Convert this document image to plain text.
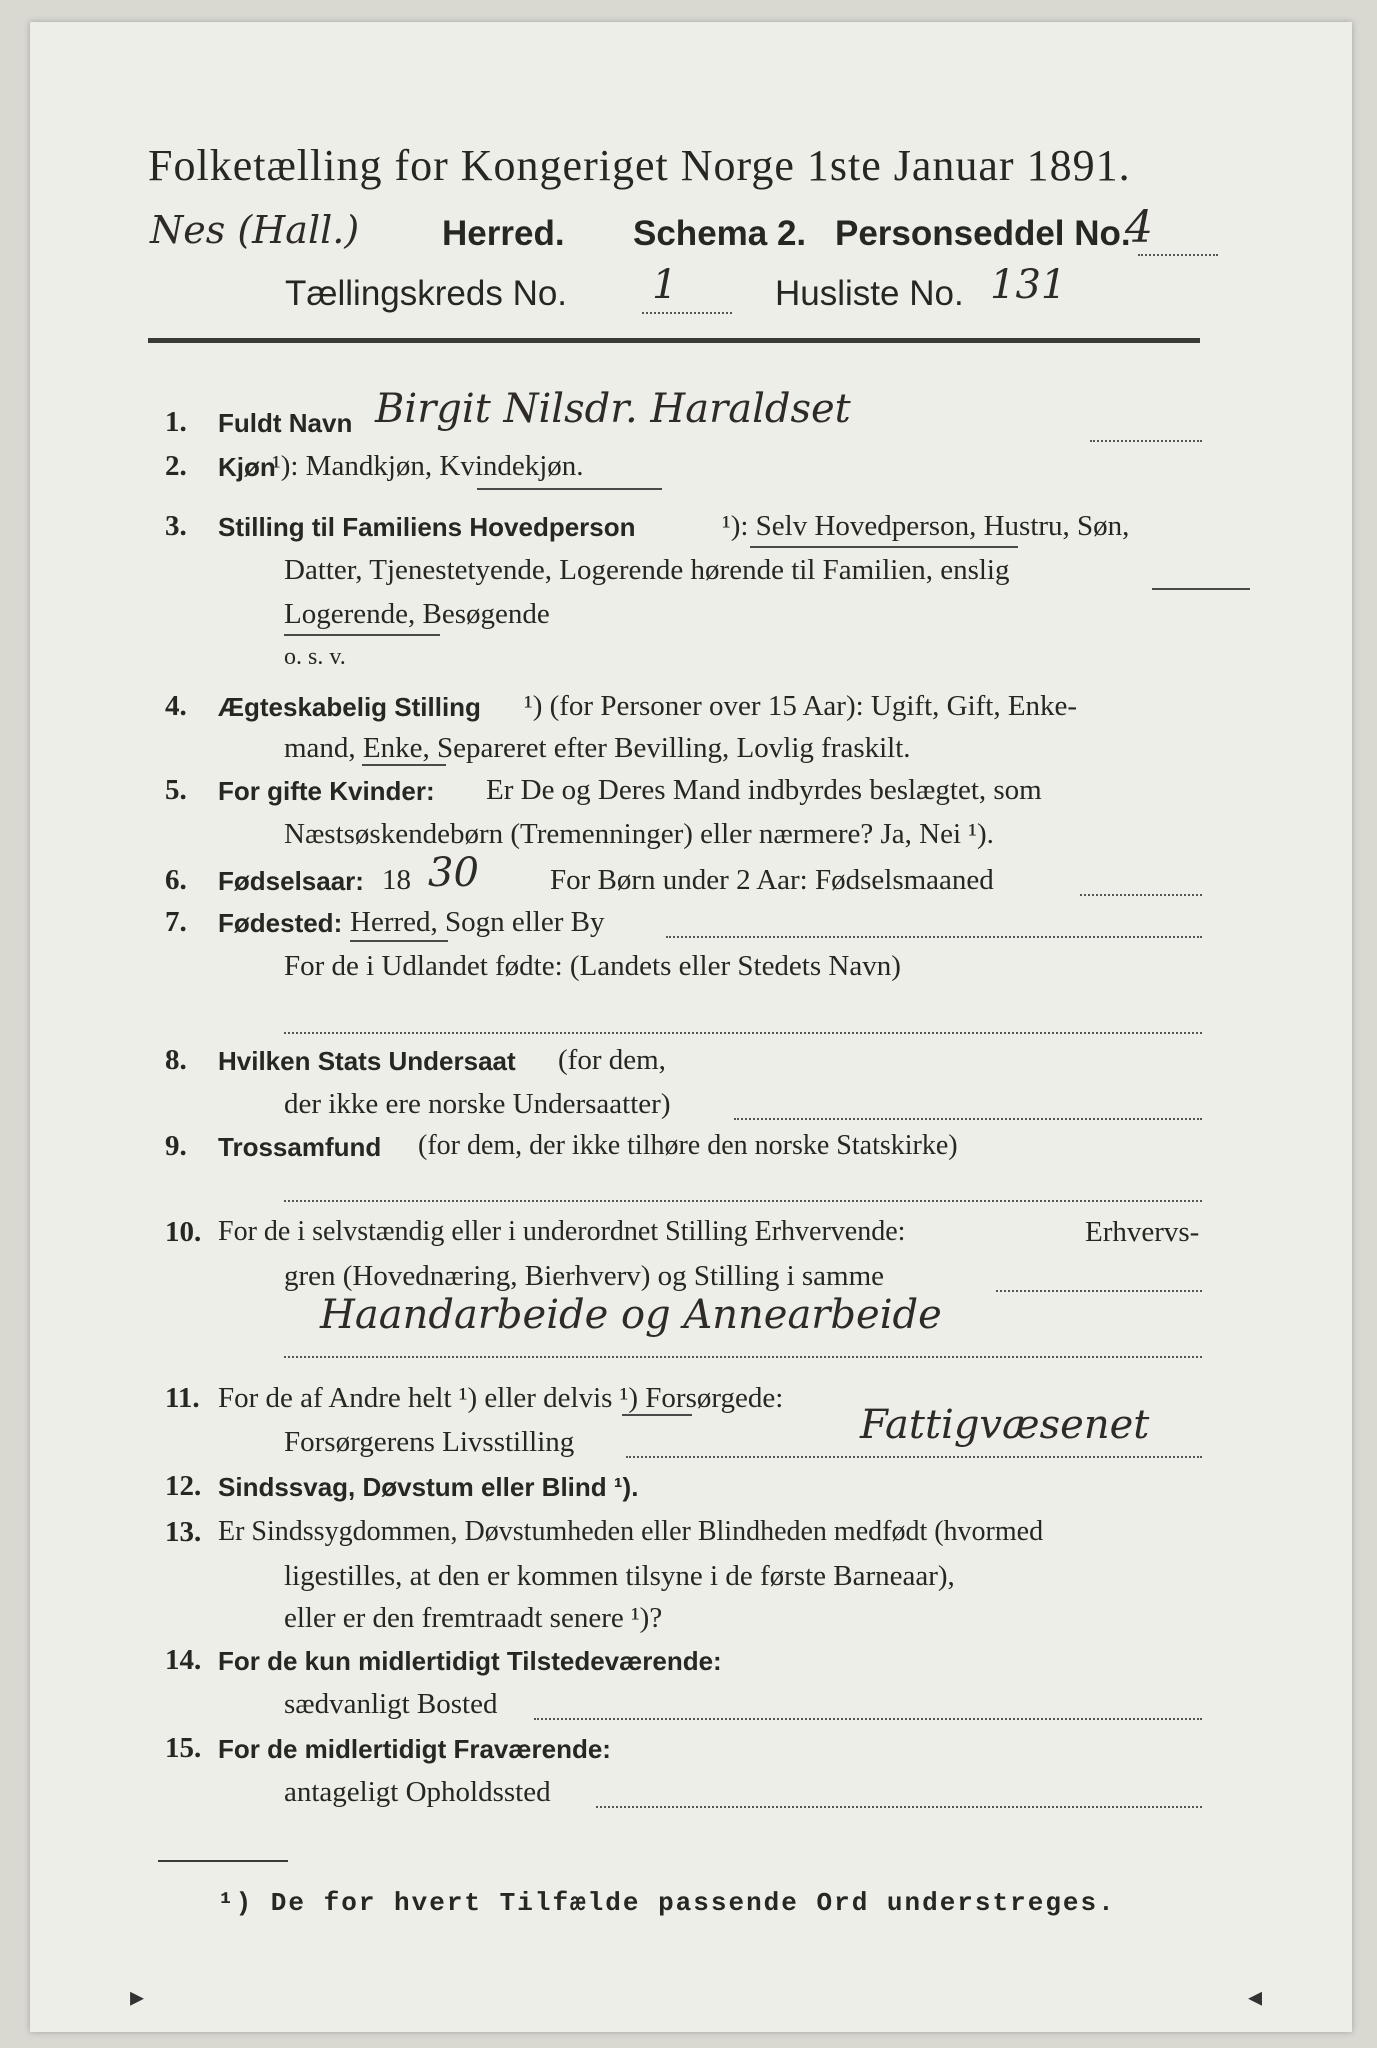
Folketælling for Kongeriget Norge 1ste Januar 1891.
Nes (Hall.) Herred. Schema 2. Personseddel No.
4
Tællingskreds No. 1	Husliste No. 131
1. Fuldt Navn Birgit Nilsdr. Haraldset
2. Kjøn
¹): Mandkjøn, Kvindekjøn.
3. Stilling til Familiens Hovedperson	¹): Selv Hovedperson, Hustru, Søn,
Datter, Tjenestetyende, Logerende hørende til Familien, enslig
Logerende, Besøgende
o. s. v.
4. Ægteskabelig Stilling ¹) (for Personer over 15 Aar): Ugift, Gift, Enke-
mand, Enke, Separeret efter Bevilling, Lovlig fraskilt.
5. For gifte Kvinder: Er De og Deres Mand indbyrdes beslægtet, som
Næstsøskendebørn (Tremenninger) eller nærmere? Ja, Nei ¹).
6. Fødselsaar: 18 30 For Børn under 2 Aar: Fødselsmaaned
7. Fødested: Herred, Sogn eller By
For de i Udlandet fødte: (Landets eller Stedets Navn)
8. Hvilken Stats Undersaat (for dem,
der ikke ere norske Undersaatter)
9. Trossamfund (for dem, der ikke tilhøre den norske Statskirke)
10. For de i selvstændig eller i underordnet Stilling Erhvervende:	Erhvervs-
gren (Hovednæring, Bierhverv) og Stilling i samme
Haandarbeide og Annearbeide
11. For de af Andre helt ¹) eller delvis ¹) Forsørgede:
Forsørgerens Livsstilling	Fattigvæsenet
12. Sindssvag, Døvstum eller Blind ¹).
13. Er Sindssygdommen, Døvstumheden eller Blindheden medfødt (hvormed
ligestilles, at den er kommen tilsyne i de første Barneaar),
eller er den fremtraadt senere ¹)?
14. For de kun midlertidigt Tilstedeværende:
sædvanligt Bosted
15. For de midlertidigt Fraværende:
antageligt Opholdssted
¹) De for hvert Tilfælde passende Ord understreges.
▸	◂
